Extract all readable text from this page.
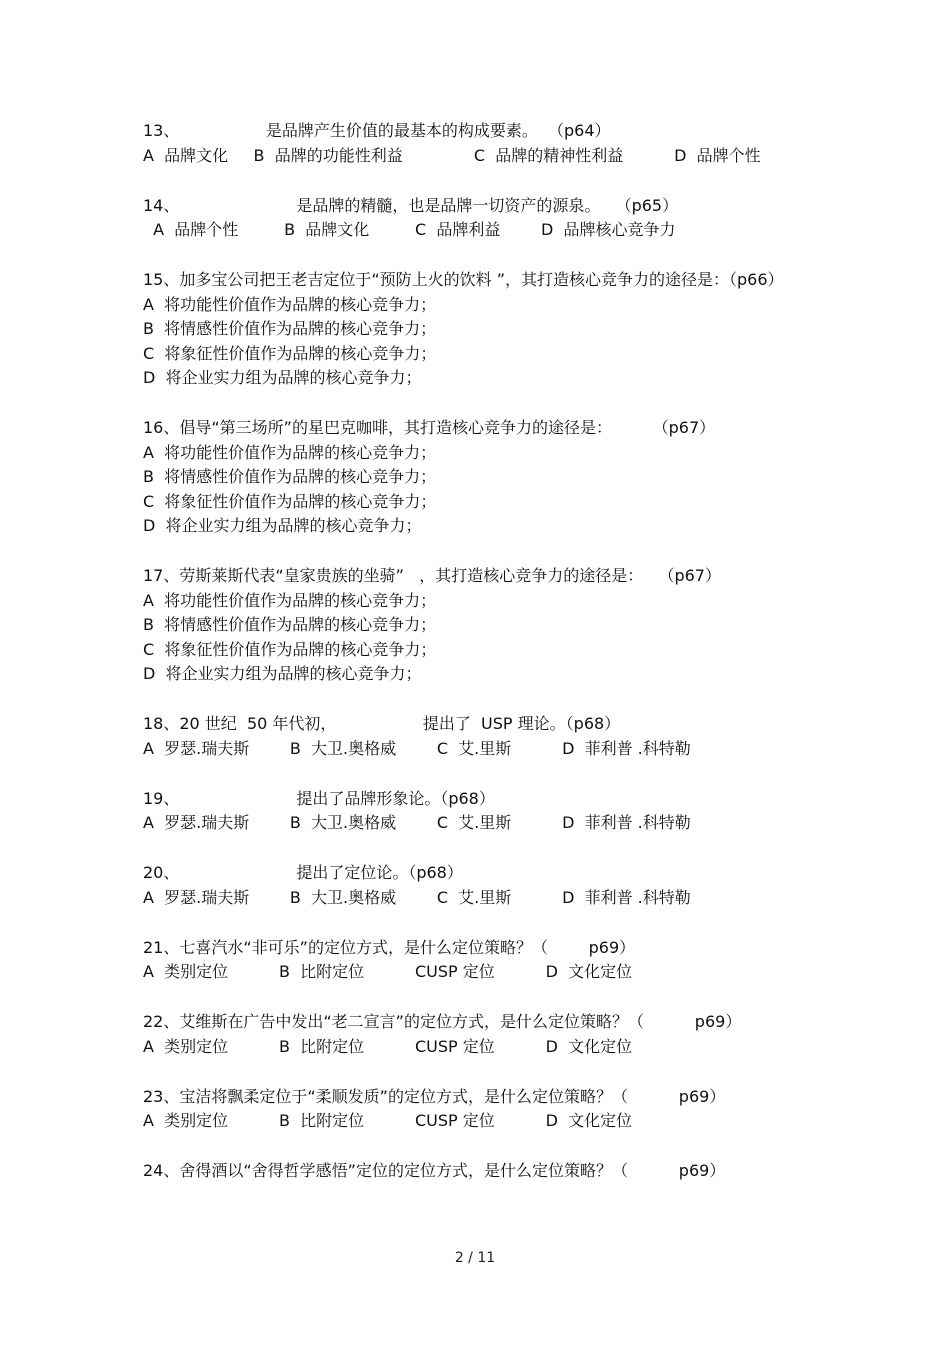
13、                 是品牌产生价值的最基本的构成要素。  （p64）
A  品牌文化     B  品牌的功能性利益              C  品牌的精神性利益          D  品牌个性
14、                       是品牌的精髓，也是品牌一切资产的源泉。   （p65）
A  品牌个性         B  品牌文化         C  品牌利益        D  品牌核心竞争力
15、加多宝公司把王老吉定位于“预防上火的饮料 ”，其打造核心竞争力的途径是：（p66）
A  将功能性价值作为品牌的核心竞争力；
B  将情感性价值作为品牌的核心竞争力；
C  将象征性价值作为品牌的核心竞争力；
D  将企业实力组为品牌的核心竞争力；
16、倡导“第三场所”的星巴克咖啡，其打造核心竞争力的途径是：        （p67）
A  将功能性价值作为品牌的核心竞争力；
B  将情感性价值作为品牌的核心竞争力；
C  将象征性价值作为品牌的核心竞争力；
D  将企业实力组为品牌的核心竞争力；
17、劳斯莱斯代表“皇家贵族的坐骑”   ，其打造核心竞争力的途径是：   （p67）
A  将功能性价值作为品牌的核心竞争力；
B  将情感性价值作为品牌的核心竞争力；
C  将象征性价值作为品牌的核心竞争力；
D  将企业实力组为品牌的核心竞争力；
18、20 世纪  50 年代初，                 提出了  USP 理论。（p68）
A  罗瑟.瑞夫斯        B  大卫.奥格威        C  艾.里斯          D  菲利普 .科特勒
19、                       提出了品牌形象论。（p68）
A  罗瑟.瑞夫斯        B  大卫.奥格威        C  艾.里斯          D  菲利普 .科特勒
20、                       提出了定位论。（p68）
A  罗瑟.瑞夫斯        B  大卫.奥格威        C  艾.里斯          D  菲利普 .科特勒
21、七喜汽水“非可乐”的定位方式，是什么定位策略？（        p69）
A  类别定位          B  比附定位          CUSP 定位          D  文化定位
22、艾维斯在广告中发出“老二宣言”的定位方式，是什么定位策略？（          p69）
A  类别定位          B  比附定位          CUSP 定位          D  文化定位
23、宝洁将飘柔定位于“柔顺发质”的定位方式，是什么定位策略？（          p69）
A  类别定位          B  比附定位          CUSP 定位          D  文化定位
24、舍得酒以“舍得哲学感悟”定位的定位方式，是什么定位策略？（          p69）
2 / 11
